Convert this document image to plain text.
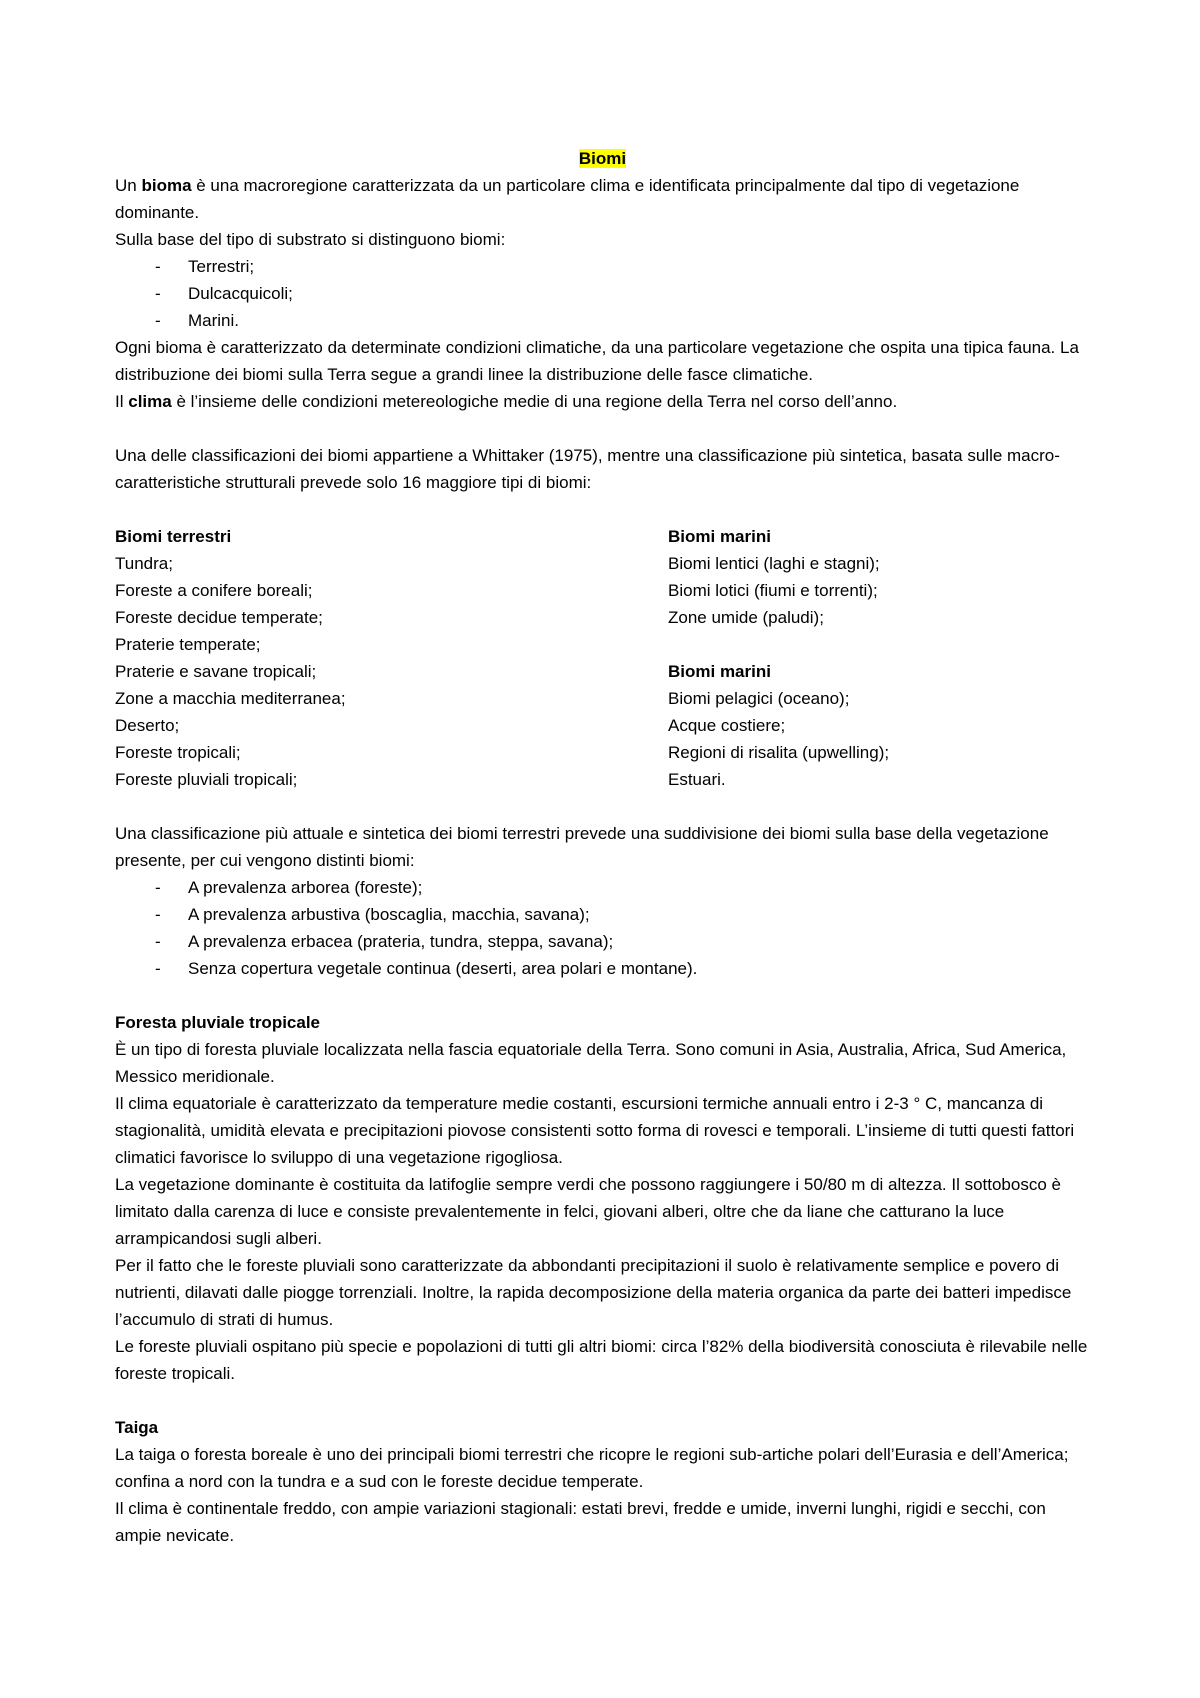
Biomi

Un bioma è una macroregione caratterizzata da un particolare clima e identificata principalmente dal tipo di vegetazione dominante.

Sulla base del tipo di substrato si distinguono biomi:

- Terrestri;
- Dulcacquicoli;
- Marini.

Ogni bioma è caratterizzato da determinate condizioni climatiche, da una particolare vegetazione che ospita una tipica fauna. La distribuzione dei biomi sulla Terra segue a grandi linee la distribuzione delle fasce climatiche.

Il clima è l’insieme delle condizioni metereologiche medie di una regione della Terra nel corso dell’anno.

Una delle classificazioni dei biomi appartiene a Whittaker (1975), mentre una classificazione più sintetica, basata sulle macro-caratteristiche strutturali prevede solo 16 maggiore tipi di biomi:

Biomi terrestri

Tundra;

Foreste a conifere boreali;

Foreste decidue temperate;

Praterie temperate;

Praterie e savane tropicali;

Zone a macchia mediterranea;

Deserto;

Foreste tropicali;

Foreste pluviali tropicali;

Biomi marini

Biomi lentici (laghi e stagni);

Biomi lotici (fiumi e torrenti);

Zone umide (paludi);

Biomi marini

Biomi pelagici (oceano);

Acque costiere;

Regioni di risalita (upwelling);

Estuari.

Una classificazione più attuale e sintetica dei biomi terrestri prevede una suddivisione dei biomi sulla base della vegetazione presente, per cui vengono distinti biomi:

- A prevalenza arborea (foreste);
- A prevalenza arbustiva (boscaglia, macchia, savana);
- A prevalenza erbacea (prateria, tundra, steppa, savana);
- Senza copertura vegetale continua (deserti, area polari e montane).

Foresta pluviale tropicale

È un tipo di foresta pluviale localizzata nella fascia equatoriale della Terra. Sono comuni in Asia, Australia, Africa, Sud America, Messico meridionale.

Il clima equatoriale è caratterizzato da temperature medie costanti, escursioni termiche annuali entro i 2-3 ° C, mancanza di stagionalità, umidità elevata e precipitazioni piovose consistenti sotto forma di rovesci e temporali. L’insieme di tutti questi fattori climatici favorisce lo sviluppo di una vegetazione rigogliosa.

La vegetazione dominante è costituita da latifoglie sempre verdi che possono raggiungere i 50/80 m di altezza. Il sottobosco è limitato dalla carenza di luce e consiste prevalentemente in felci, giovani alberi, oltre che da liane che catturano la luce arrampicandosi sugli alberi.

Per il fatto che le foreste pluviali sono caratterizzate da abbondanti precipitazioni il suolo è relativamente semplice e povero di nutrienti, dilavati dalle piogge torrenziali. Inoltre, la rapida decomposizione della materia organica da parte dei batteri impedisce l’accumulo di strati di humus.

Le foreste pluviali ospitano più specie e popolazioni di tutti gli altri biomi: circa l’82% della biodiversità conosciuta è rilevabile nelle foreste tropicali.

Taiga

La taiga o foresta boreale è uno dei principali biomi terrestri che ricopre le regioni sub-artiche polari dell’Eurasia e dell’America; confina a nord con la tundra e a sud con le foreste decidue temperate.

Il clima è continentale freddo, con ampie variazioni stagionali: estati brevi, fredde e umide, inverni lunghi, rigidi e secchi, con ampie nevicate.
